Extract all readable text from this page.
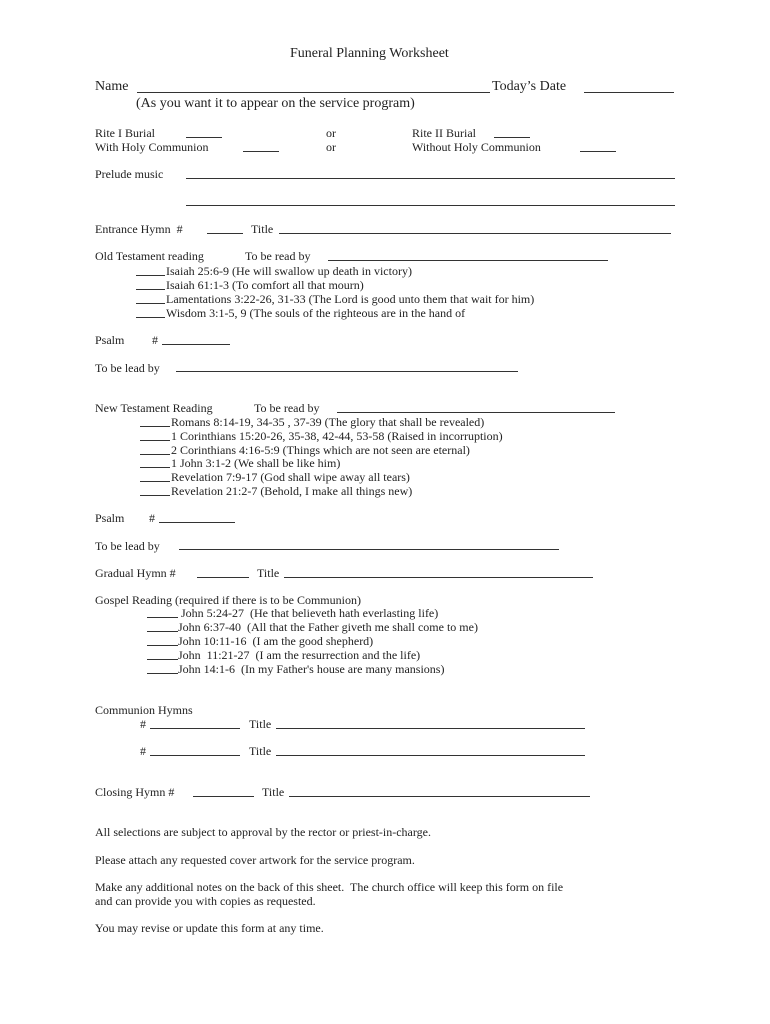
Funeral Planning Worksheet
Name	Today’s Date
(As you want it to appear on the service program)
Rite I Burial	or	Rite II Burial
With Holy Communion	or	Without Holy Communion
Prelude music
Entrance Hymn  #	Title
Old Testament reading	To be read by
Isaiah 25:6-9 (He will swallow up death in victory)
Isaiah 61:1-3 (To comfort all that mourn)
Lamentations 3:22-26, 31-33 (The Lord is good unto them that wait for him)
Wisdom 3:1-5, 9 (The souls of the righteous are in the hand of
Psalm #
To be lead by
New Testament Reading	To be read by
Romans 8:14-19, 34-35 , 37-39 (The glory that shall be revealed)
1 Corinthians 15:20-26, 35-38, 42-44, 53-58 (Raised in incorruption)
2 Corinthians 4:16-5:9 (Things which are not seen are eternal)
1 John 3:1-2 (We shall be like him)
Revelation 7:9-17 (God shall wipe away all tears)
Revelation 21:2-7 (Behold, I make all things new)
Psalm #
To be lead by
Gradual Hymn #	Title
Gospel Reading (required if there is to be Communion)
John 5:24-27  (He that believeth hath everlasting life)
John 6:37-40  (All that the Father giveth me shall come to me)
John 10:11-16  (I am the good shepherd)
John  11:21-27  (I am the resurrection and the life)
John 14:1-6  (In my Father's house are many mansions)
Communion Hymns
#	Title
#	Title
Closing Hymn #	Title
All selections are subject to approval by the rector or priest-in-charge.
Please attach any requested cover artwork for the service program.
Make any additional notes on the back of this sheet.  The church office will keep this form on file
and can provide you with copies as requested.
You may revise or update this form at any time.
